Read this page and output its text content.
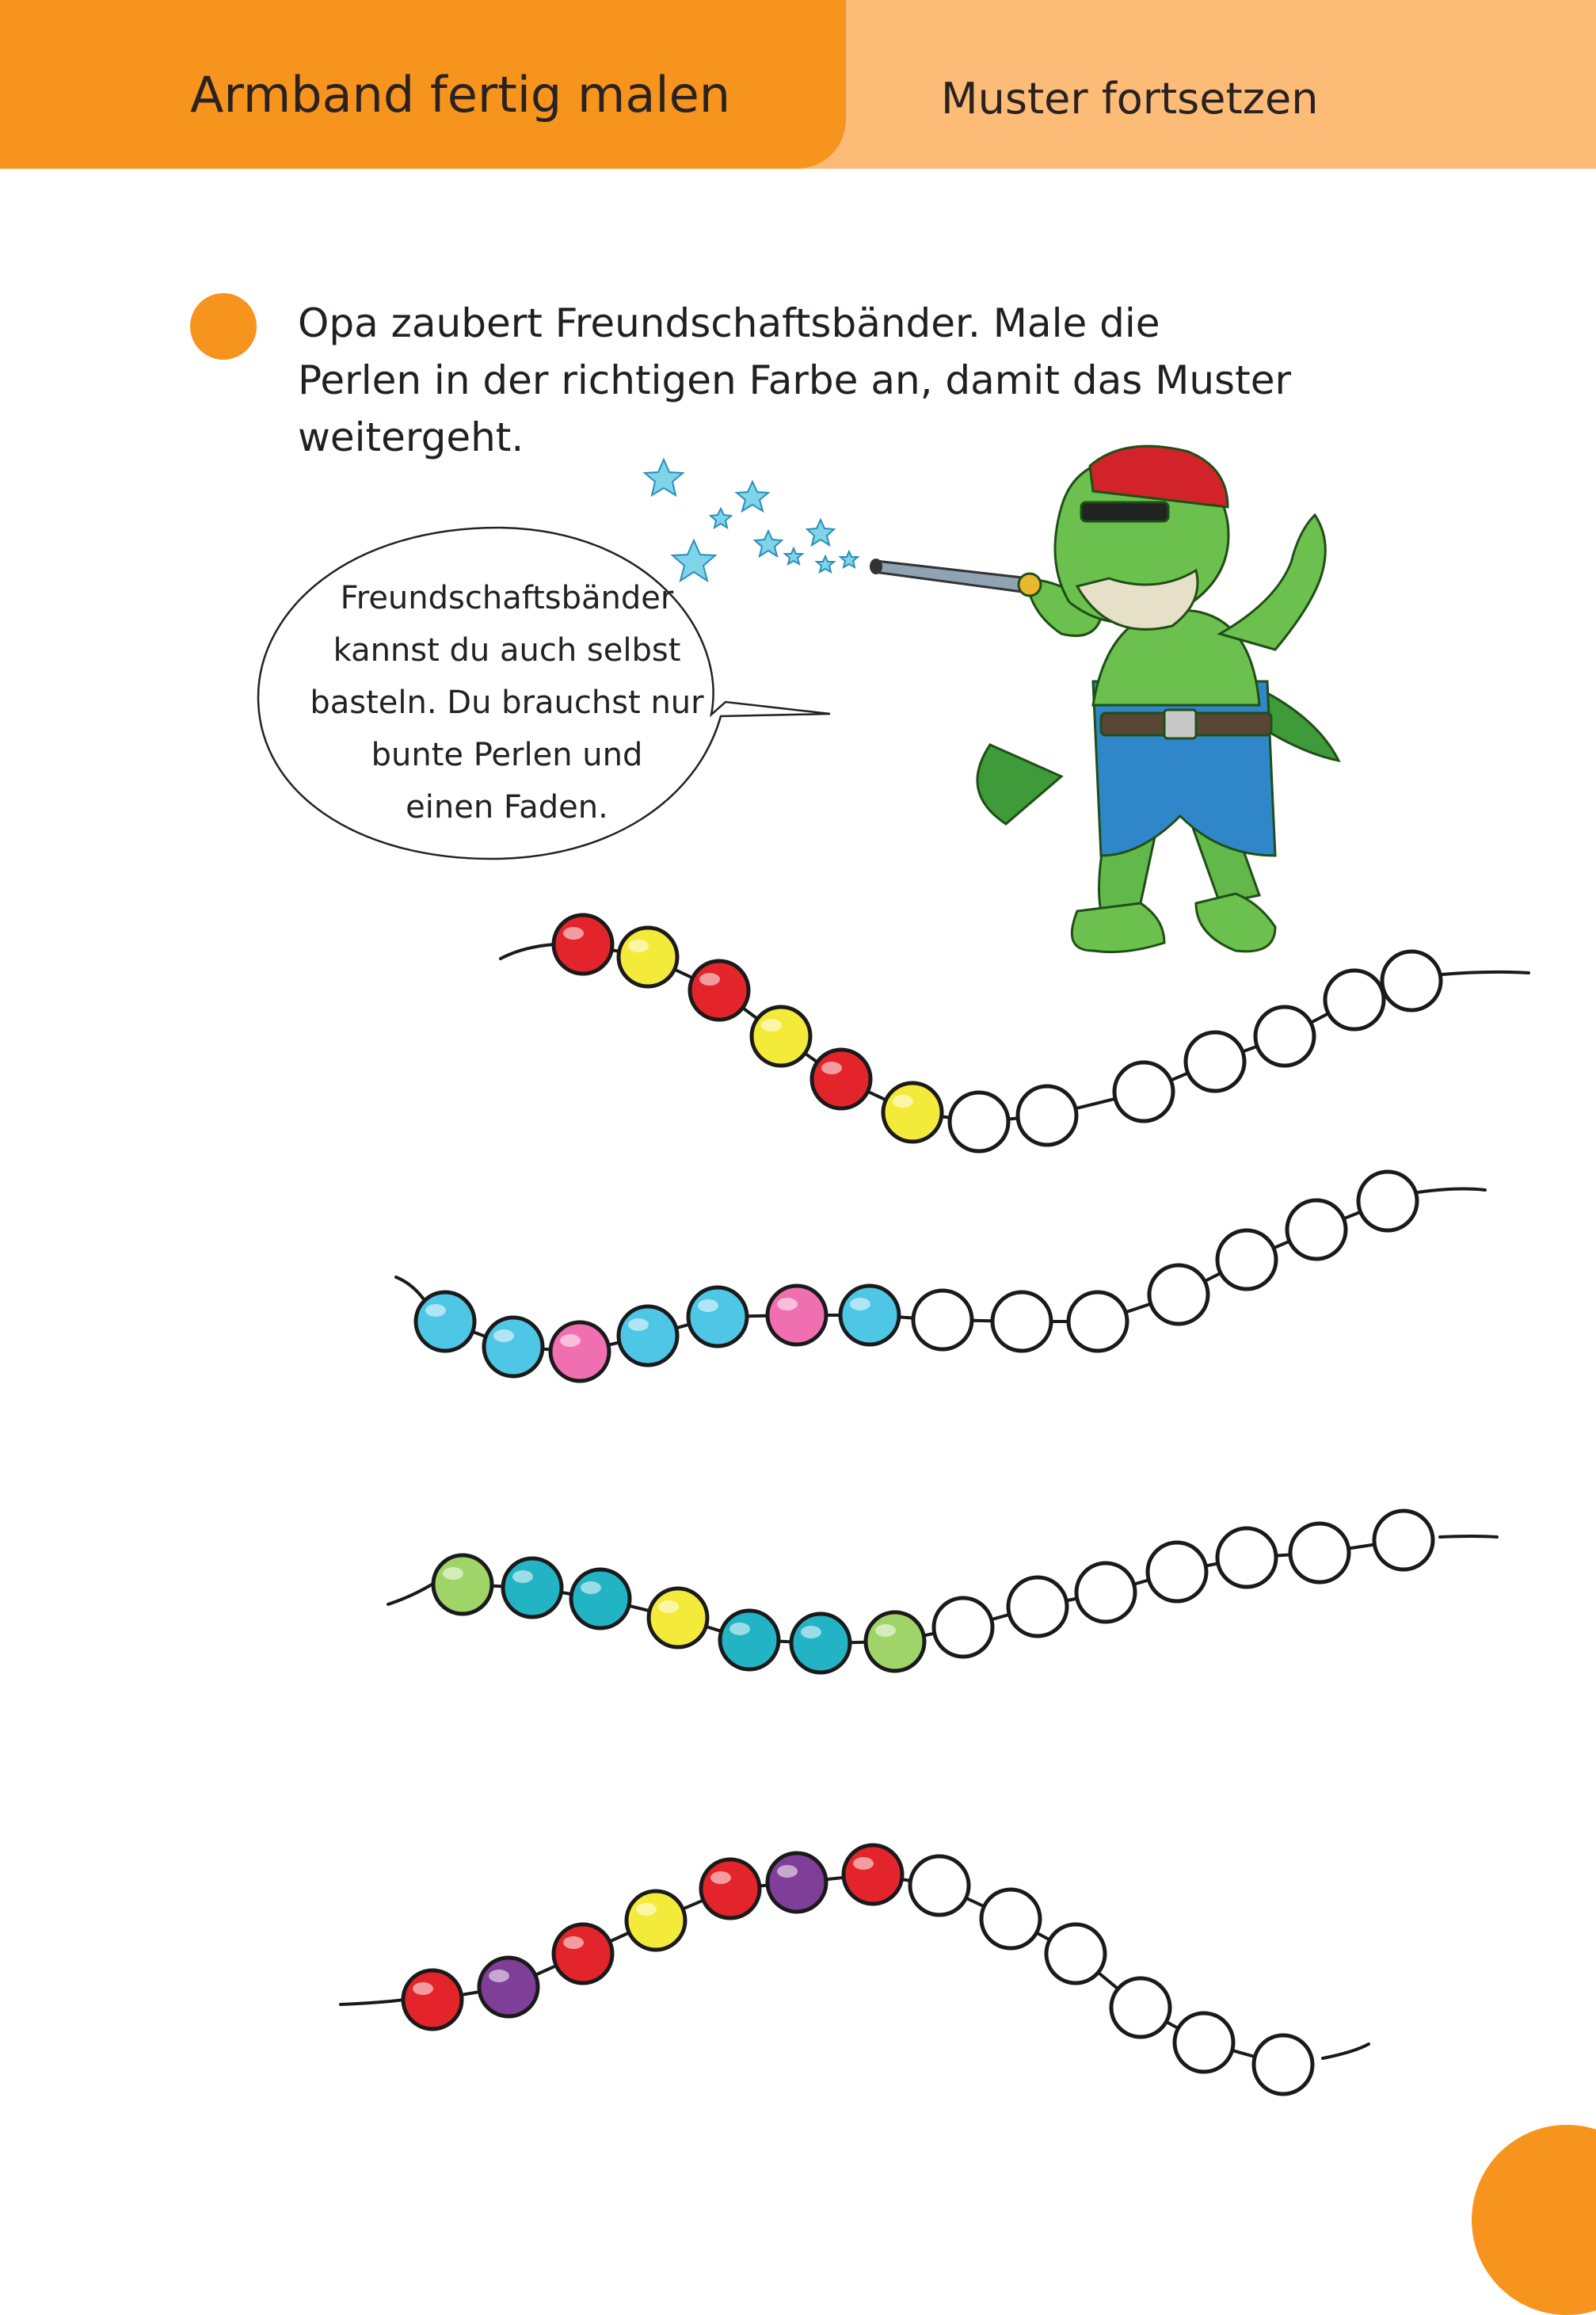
Armband fertig malen	Muster fortsetzen
Opa zaubert Freundschaftsbänder. Male die
Perlen in der richtigen Farbe an, damit das Muster
weitergeht.
Freundschaftsbänder
kannst du auch selbst
basteln. Du brauchst nur
bunte Perlen und
einen Faden.
